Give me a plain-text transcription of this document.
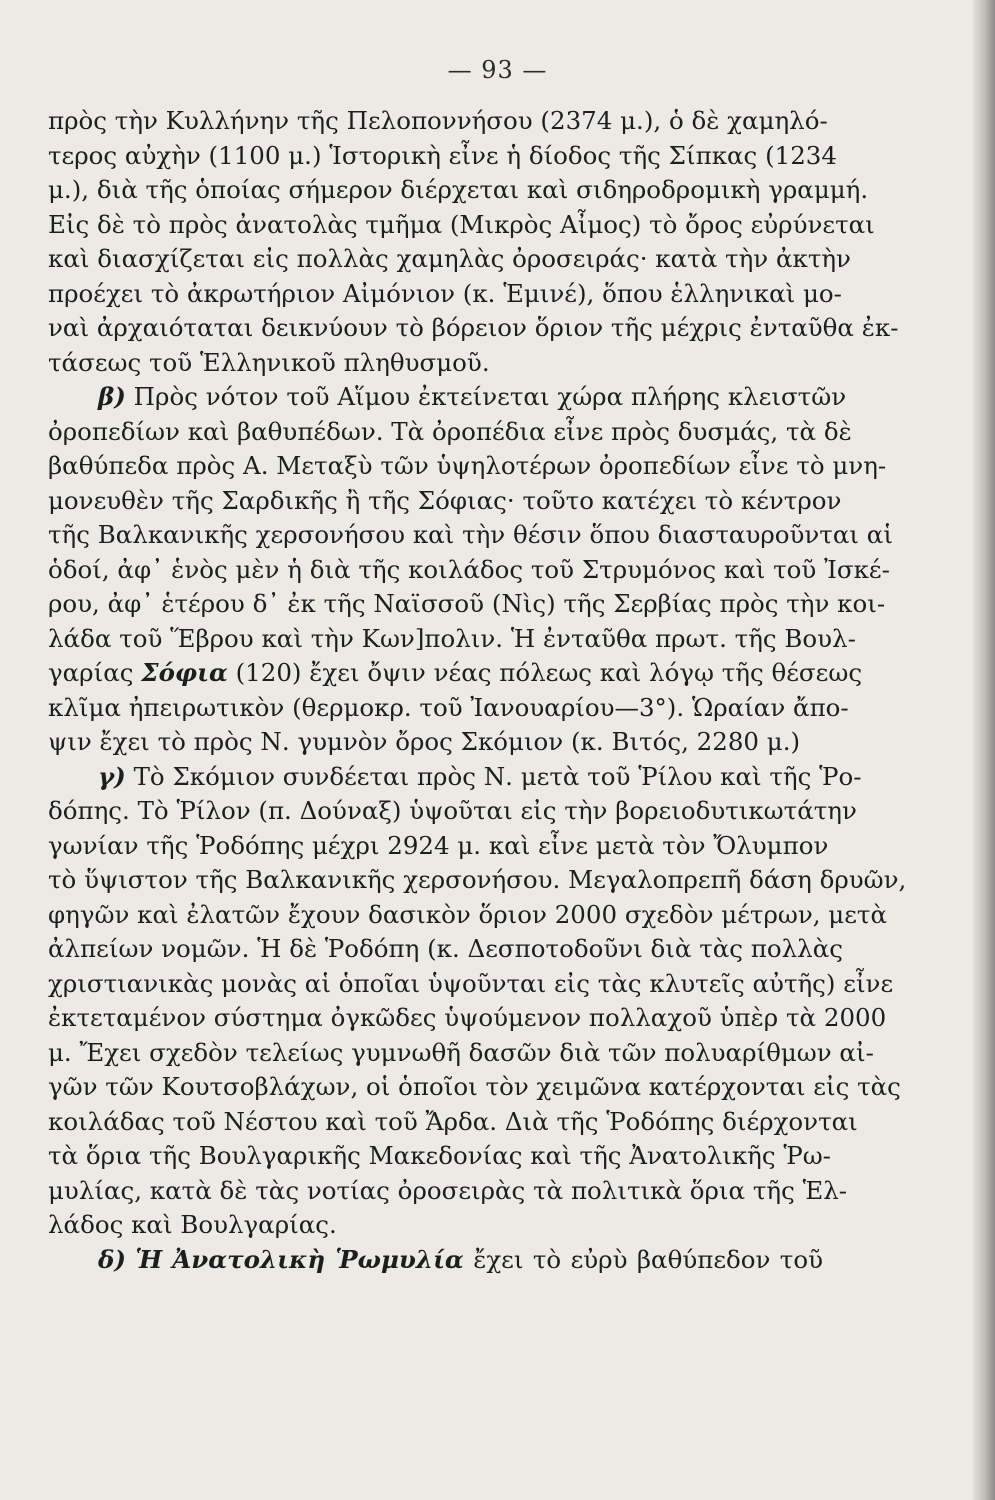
— 93 —
πρὸς τὴν Κυλλήνην τῆς Πελοποννήσου (2374 μ.), ὁ δὲ χαμηλό-
τερος αὐχὴν (1100 μ.) Ἱστορικὴ εἶνε ἡ δίοδος τῆς Σίπκας (1234
μ.), διὰ τῆς ὁποίας σήμερον διέρχεται καὶ σιδηροδρομικὴ γραμμή.
Εἰς δὲ τὸ πρὸς ἀνατολὰς τμῆμα (Μικρὸς Αἶμος) τὸ ὄρος εὐρύνεται
καὶ διασχίζεται εἰς πολλὰς χαμηλὰς ὀροσειράς· κατὰ τὴν ἀκτὴν
προέχει τὸ ἀκρωτήριον Αἰμόνιον (κ. Ἑμινέ), ὅπου ἑλληνικαὶ μο-
ναὶ ἀρχαιόταται δεικνύουν τὸ βόρειον ὅριον τῆς μέχρις ἐνταῦθα ἐκ-
τάσεως τοῦ Ἑλληνικοῦ πληθυσμοῦ.
β) Πρὸς νότον τοῦ Αἵμου ἐκτείνεται χώρα πλήρης κλειστῶν
ὀροπεδίων καὶ βαθυπέδων. Τὰ ὀροπέδια εἶνε πρὸς δυσμάς, τὰ δὲ
βαθύπεδα πρὸς Α. Μεταξὺ τῶν ὑψηλοτέρων ὀροπεδίων εἶνε τὸ μνη-
μονευθὲν τῆς Σαρδικῆς ἢ τῆς Σόφιας· τοῦτο κατέχει τὸ κέντρον
τῆς Βαλκανικῆς χερσονήσου καὶ τὴν θέσιν ὅπου διασταυροῦνται αἱ
ὁδοί, ἀφ᾽ ἑνὸς μὲν ἡ διὰ τῆς κοιλάδος τοῦ Στρυμόνος καὶ τοῦ Ἰσκέ-
ρου, ἀφ᾽ ἑτέρου δ᾽ ἐκ τῆς Ναϊσσοῦ (Νὶς) τῆς Σερβίας πρὸς τὴν κοι-
λάδα τοῦ Ἕβρου καὶ τὴν Κων]πολιν. Ἡ ἐνταῦθα πρωτ. τῆς Βουλ-
γαρίας Σόφια (120) ἔχει ὄψιν νέας πόλεως καὶ λόγῳ τῆς θέσεως
κλῖμα ἠπειρωτικὸν (θερμοκρ. τοῦ Ἰανουαρίου—3°). Ὡραίαν ἄπο-
ψιν ἔχει τὸ πρὸς Ν. γυμνὸν ὄρος Σκόμιον (κ. Βιτός, 2280 μ.)
γ) Τὸ Σκόμιον συνδέεται πρὸς Ν. μετὰ τοῦ Ῥίλου καὶ τῆς Ῥο-
δόπης. Τὸ Ῥίλον (π. Δούναξ) ὑψοῦται εἰς τὴν βορειοδυτικωτάτην
γωνίαν τῆς Ῥοδόπης μέχρι 2924 μ. καὶ εἶνε μετὰ τὸν Ὄλυμπον
τὸ ὕψιστον τῆς Βαλκανικῆς χερσονήσου. Μεγαλοπρεπῆ δάση δρυῶν,
φηγῶν καὶ ἐλατῶν ἔχουν δασικὸν ὅριον 2000 σχεδὸν μέτρων, μετὰ
ἀλπείων νομῶν. Ἡ δὲ Ῥοδόπη (κ. Δεσποτοδοῦνι διὰ τὰς πολλὰς
χριστιανικὰς μονὰς αἱ ὁποῖαι ὑψοῦνται εἰς τὰς κλυτεῖς αὐτῆς) εἶνε
ἐκτεταμένον σύστημα ὀγκῶδες ὑψούμενον πολλαχοῦ ὑπὲρ τὰ 2000
μ. Ἔχει σχεδὸν τελείως γυμνωθῆ δασῶν διὰ τῶν πολυαρίθμων αἰ-
γῶν τῶν Κουτσοβλάχων, οἱ ὁποῖοι τὸν χειμῶνα κατέρχονται εἰς τὰς
κοιλάδας τοῦ Νέστου καὶ τοῦ Ἄρδα. Διὰ τῆς Ῥοδόπης διέρχονται
τὰ ὅρια τῆς Βουλγαρικῆς Μακεδονίας καὶ τῆς Ἀνατολικῆς Ῥω-
μυλίας, κατὰ δὲ τὰς νοτίας ὀροσειρὰς τὰ πολιτικὰ ὅρια τῆς Ἑλ-
λάδος καὶ Βουλγαρίας.
δ) Ἡ Ἀνατολικὴ Ῥωμυλία ἔχει τὸ εὐρὺ βαθύπεδον τοῦ
